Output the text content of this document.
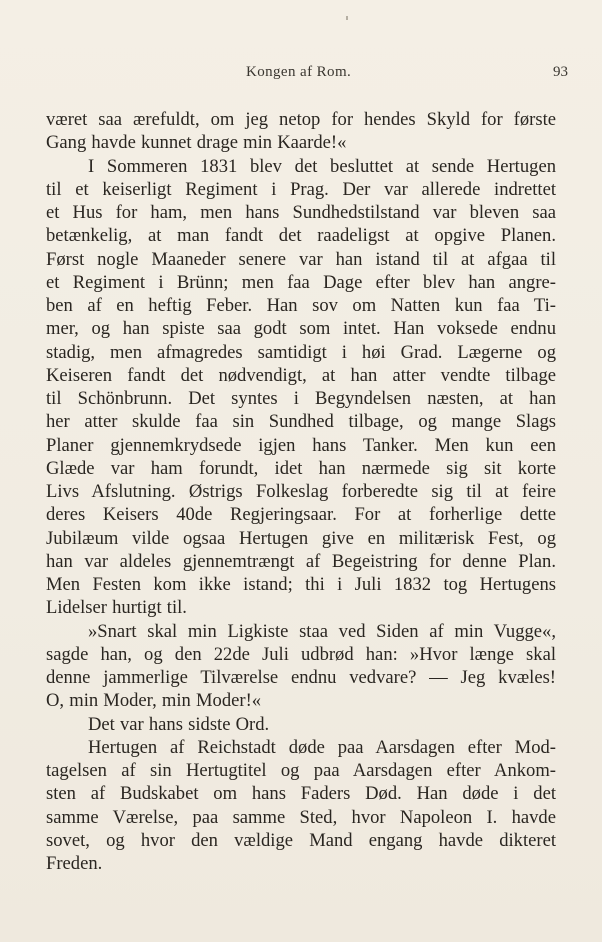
Kongen af Rom.	93
været saa ærefuldt, om jeg netop for hendes Skyld for første
Gang havde kunnet drage min Kaarde!«
I Sommeren 1831 blev det besluttet at sende Hertugen
til et keiserligt Regiment i Prag. Der var allerede indrettet
et Hus for ham, men hans Sundhedstilstand var bleven saa
betænkelig, at man fandt det raadeligst at opgive Planen.
Først nogle Maaneder senere var han istand til at afgaa til
et Regiment i Brünn; men faa Dage efter blev han angre-
ben af en heftig Feber. Han sov om Natten kun faa Ti-
mer, og han spiste saa godt som intet. Han voksede endnu
stadig, men afmagredes samtidigt i høi Grad. Lægerne og
Keiseren fandt det nødvendigt, at han atter vendte tilbage
til Schönbrunn. Det syntes i Begyndelsen næsten, at han
her atter skulde faa sin Sundhed tilbage, og mange Slags
Planer gjennemkrydsede igjen hans Tanker. Men kun een
Glæde var ham forundt, idet han nærmede sig sit korte
Livs Afslutning. Østrigs Folkeslag forberedte sig til at feire
deres Keisers 40de Regjeringsaar. For at forherlige dette
Jubilæum vilde ogsaa Hertugen give en militærisk Fest, og
han var aldeles gjennemtrængt af Begeistring for denne Plan.
Men Festen kom ikke istand; thi i Juli 1832 tog Hertugens
Lidelser hurtigt til.
»Snart skal min Ligkiste staa ved Siden af min Vugge«,
sagde han, og den 22de Juli udbrød han: »Hvor længe skal
denne jammerlige Tilværelse endnu vedvare? — Jeg kvæles!
O, min Moder, min Moder!«
Det var hans sidste Ord.
Hertugen af Reichstadt døde paa Aarsdagen efter Mod-
tagelsen af sin Hertugtitel og paa Aarsdagen efter Ankom-
sten af Budskabet om hans Faders Død. Han døde i det
samme Værelse, paa samme Sted, hvor Napoleon I. havde
sovet, og hvor den vældige Mand engang havde dikteret
Freden.
